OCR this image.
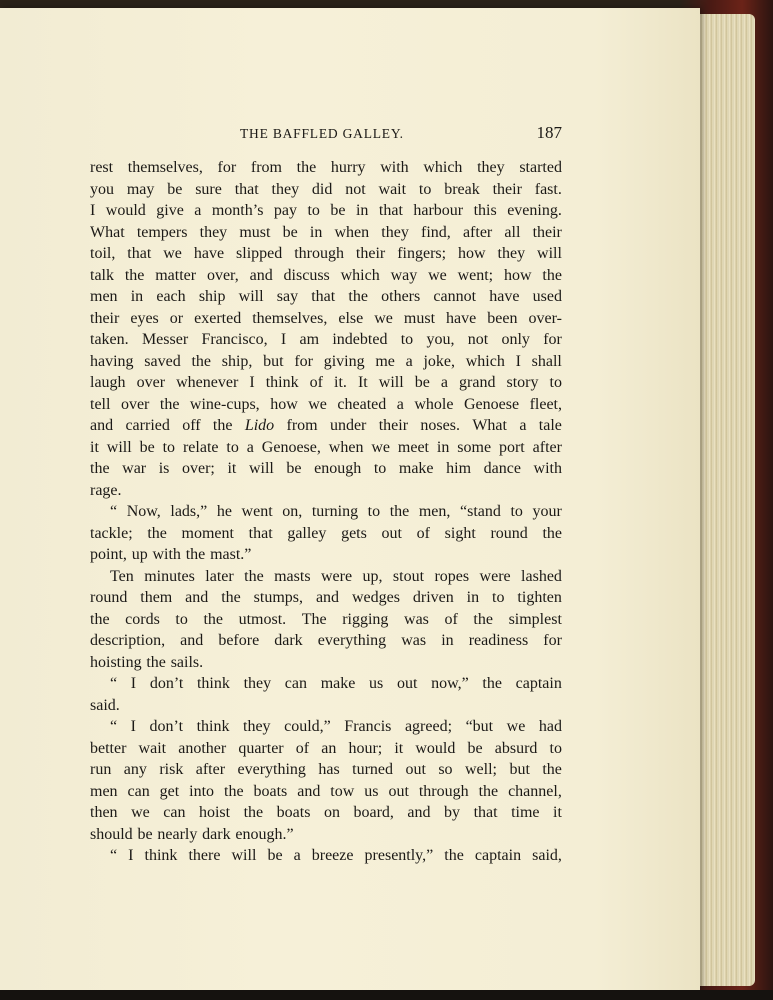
THE BAFFLED GALLEY.	187
rest themselves, for from the hurry with which they started
you may be sure that they did not wait to break their fast.
I would give a month’s pay to be in that harbour this evening.
What tempers they must be in when they find, after all their
toil, that we have slipped through their fingers; how they will
talk the matter over, and discuss which way we went; how the
men in each ship will say that the others cannot have used
their eyes or exerted themselves, else we must have been over-
taken. Messer Francisco, I am indebted to you, not only for
having saved the ship, but for giving me a joke, which I shall
laugh over whenever I think of it. It will be a grand story to
tell over the wine-cups, how we cheated a whole Genoese fleet,
and carried off the Lido from under their noses. What a tale
it will be to relate to a Genoese, when we meet in some port after
the war is over; it will be enough to make him dance with
rage.
“ Now, lads,” he went on, turning to the men, “stand to your
tackle; the moment that galley gets out of sight round the
point, up with the mast.”
Ten minutes later the masts were up, stout ropes were lashed
round them and the stumps, and wedges driven in to tighten
the cords to the utmost. The rigging was of the simplest
description, and before dark everything was in readiness for
hoisting the sails.
“ I don’t think they can make us out now,” the captain
said.
“ I don’t think they could,” Francis agreed; “but we had
better wait another quarter of an hour; it would be absurd to
run any risk after everything has turned out so well; but the
men can get into the boats and tow us out through the channel,
then we can hoist the boats on board, and by that time it
should be nearly dark enough.”
“ I think there will be a breeze presently,” the captain said,
